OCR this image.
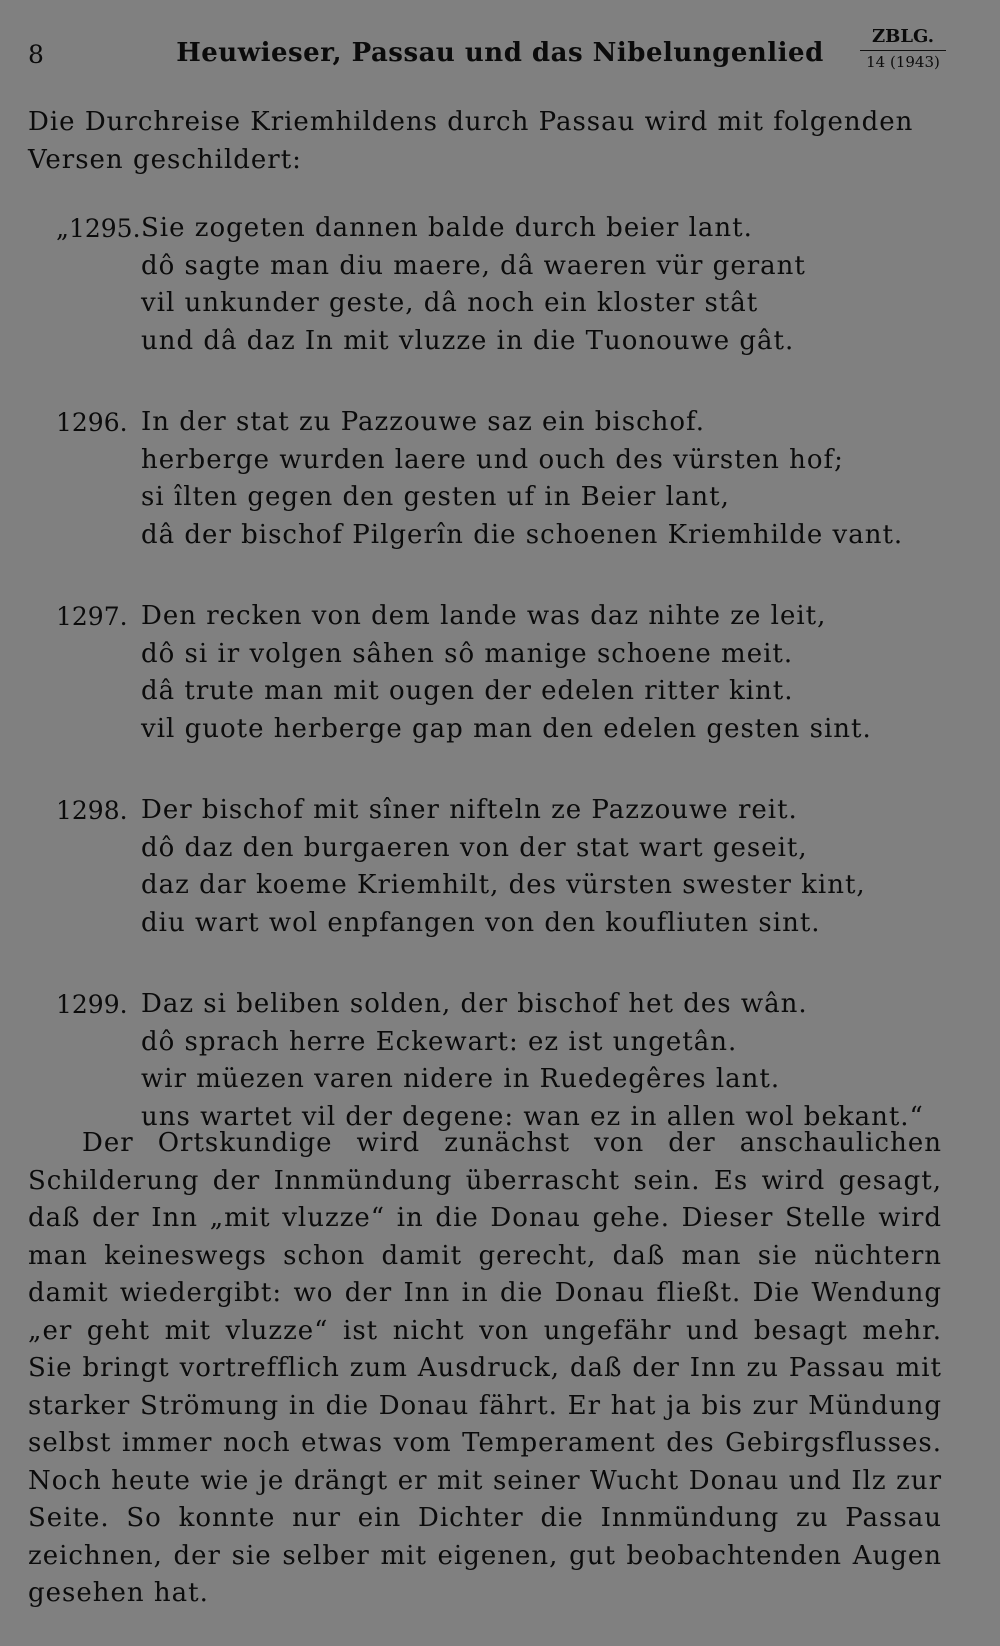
8	Heuwieser, Passau und das Nibelungenlied
ZBLG.
14 (1943)

Die Durchreise Kriemhildens durch Passau wird mit folgenden Versen geschildert:

„1295. Sie zogeten dannen balde durch beier lant.
dô sagte man diu maere, dâ waeren vür gerant
vil unkunder geste, dâ noch ein kloster stât
und dâ daz In mit vluzze in die Tuonouwe gât.
1296. In der stat zu Pazzouwe saz ein bischof.
herberge wurden laere und ouch des vürsten hof;
si îlten gegen den gesten uf in Beier lant,
dâ der bischof Pilgerîn die schoenen Kriemhilde vant.
1297. Den recken von dem lande was daz nihte ze leit,
dô si ir volgen sâhen sô manige schoene meit.
dâ trute man mit ougen der edelen ritter kint.
vil guote herberge gap man den edelen gesten sint.
1298. Der bischof mit sîner nifteln ze Pazzouwe reit.
dô daz den burgaeren von der stat wart geseit,
daz dar koeme Kriemhilt, des vürsten swester kint,
diu wart wol enpfangen von den koufliuten sint.
1299. Daz si beliben solden, der bischof het des wân.
dô sprach herre Eckewart: ez ist ungetân.
wir müezen varen nidere in Ruedegêres lant.
uns wartet vil der degene: wan ez in allen wol bekant.“

Der Ortskundige wird zunächst von der anschaulichen Schilderung der Innmündung überrascht sein. Es wird gesagt, daß der Inn „mit vluzze“ in die Donau gehe. Dieser Stelle wird man keineswegs schon damit gerecht, daß man sie nüchtern damit wiedergibt: wo der Inn in die Donau fließt. Die Wendung „er geht mit vluzze“ ist nicht von ungefähr und besagt mehr. Sie bringt vortrefflich zum Ausdruck, daß der Inn zu Passau mit starker Strömung in die Donau fährt. Er hat ja bis zur Mündung selbst immer noch etwas vom Temperament des Gebirgsflusses. Noch heute wie je drängt er mit seiner Wucht Donau und Ilz zur Seite. So konnte nur ein Dichter die Innmündung zu Passau zeichnen, der sie selber mit eigenen, gut beobachtenden Augen gesehen hat.
